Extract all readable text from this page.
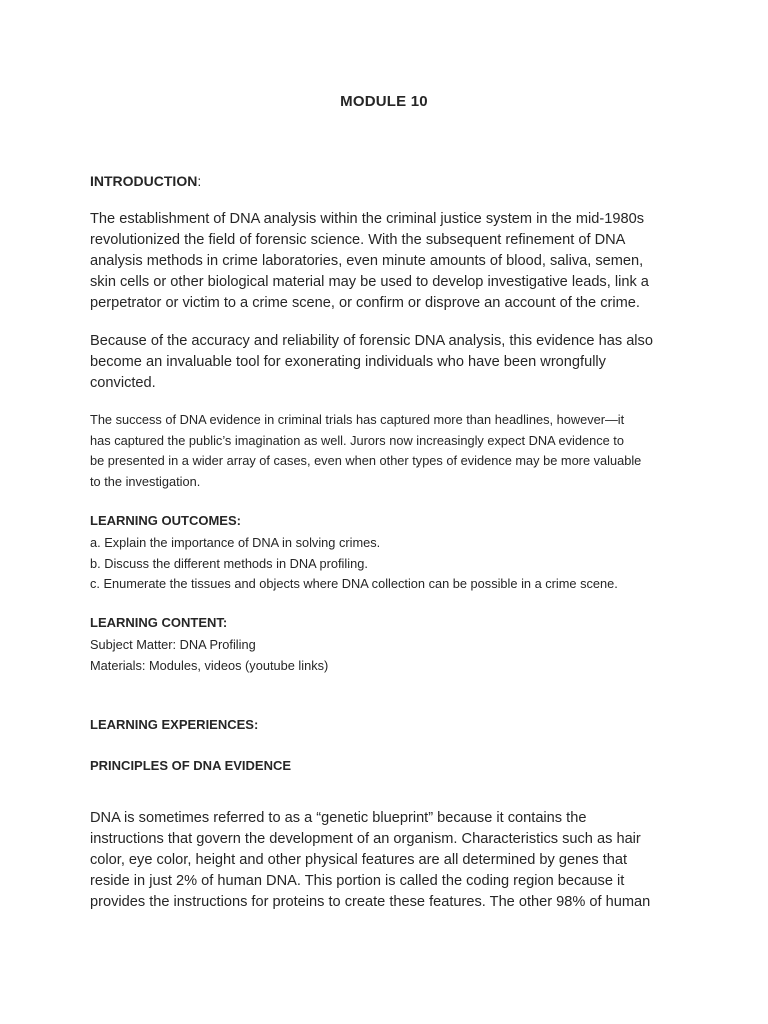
MODULE 10
INTRODUCTION:

The establishment of DNA analysis within the criminal justice system in the mid-1980s
revolutionized the field of forensic science. With the subsequent refinement of DNA
analysis methods in crime laboratories, even minute amounts of blood, saliva, semen,
skin cells or other biological material may be used to develop investigative leads, link a
perpetrator or victim to a crime scene, or confirm or disprove an account of the crime.

Because of the accuracy and reliability of forensic DNA analysis, this evidence has also
become an invaluable tool for exonerating individuals who have been wrongfully
convicted.

The success of DNA evidence in criminal trials has captured more than headlines, however—it
has captured the public’s imagination as well. Jurors now increasingly expect DNA evidence to
be presented in a wider array of cases, even when other types of evidence may be more valuable
to the investigation.

LEARNING OUTCOMES:
a. Explain the importance of DNA in solving crimes.
b. Discuss the different methods in DNA profiling.
c. Enumerate the tissues and objects where DNA collection can be possible in a crime scene.
LEARNING CONTENT:
Subject Matter: DNA Profiling
Materials: Modules, videos (youtube links)
LEARNING EXPERIENCES:
PRINCIPLES OF DNA EVIDENCE

DNA is sometimes referred to as a “genetic blueprint” because it contains the
instructions that govern the development of an organism. Characteristics such as hair
color, eye color, height and other physical features are all determined by genes that
reside in just 2% of human DNA. This portion is called the coding region because it
provides the instructions for proteins to create these features. The other 98% of human
